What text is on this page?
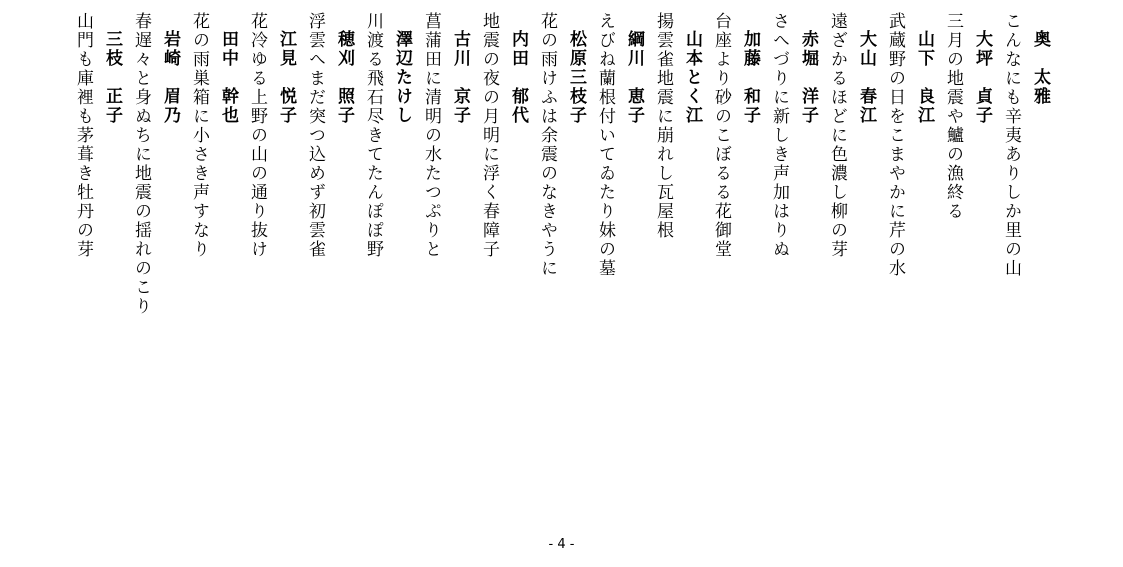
奥　太雅
こんなにも辛夷ありしか里の山
大坪　貞子
三月の地震や鱸の漁終る
山下　良江
武蔵野の日をこまやかに芹の水
大山　春江
遠ざかるほどに色濃し柳の芽
赤堀　洋子
さへづりに新しき声加はりぬ
加藤　和子
台座より砂のこぼるる花御堂
山本とく江
揚雲雀地震に崩れし瓦屋根
綱川　恵子
えびね蘭根付いてゐたり妹の墓
松原三枝子
花の雨けふは余震のなきやうに
内田　郁代
地震の夜の月明に浮く春障子
古川　京子
菖蒲田に清明の水たつぷりと
澤辺たけし
川渡る飛石尽きてたんぽぽ野
穂刈　照子
浮雲へまだ突つ込めず初雲雀
江見　悦子
花冷ゆる上野の山の通り抜け
田中　幹也
花の雨巣箱に小さき声すなり
岩崎　眉乃
春遅々と身ぬちに地震の揺れのこり
三枝　正子
山門も庫裡も茅葺き牡丹の芽
- 4 -
